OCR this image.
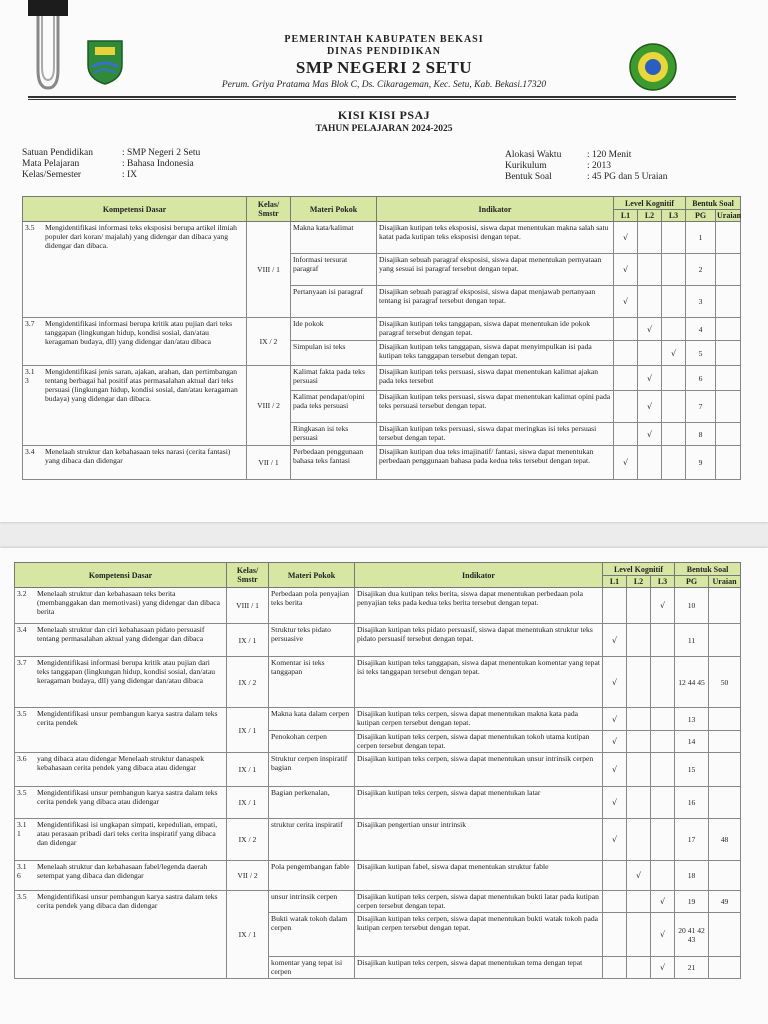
PEMERINTAH KABUPATEN BEKASI
DINAS PENDIDIKAN
SMP NEGERI 2 SETU
Perum. Griya Pratama Mas Blok C, Ds. Cikarageman, Kec. Setu, Kab. Bekasi.17320
KISI KISI PSAJ
TAHUN PELAJARAN 2024-2025
Satuan Pendidikan	: SMP Negeri 2 Setu
Mata Pelajaran	: Bahasa Indonesia
Kelas/Semester	: IX
Alokasi Waktu	: 120 Menit
Kurikulum	: 2013
Bentuk Soal	: 45 PG dan 5 Uraian
Kompetensi Dasar	Kelas/ Smstr	Materi Pokok	Indikator	Level Kognitif			Bentuk Soal	
				L1	L2	L3	PG	Uraian

3.5 Mengidentifikasi informasi teks eksposisi berupa artikel ilmiah populer dari koran/ majalah) yang didengar dan dibaca yang didengar dan dibaca.	VIII / 1	Makna kata/kalimat	Disajikan kutipan teks eksposisi, siswa dapat menentukan makna salah satu katat pada kutipan teks eksposisi dengan tepat.	√			1	
		Informasi tersurat paragraf	Disajikan sebuah paragraf eksposisi, siswa dapat menentukan pernyataan yang sesuai isi paragraf tersebut dengan tepat.	√			2	
		Pertanyaan isi paragraf	Disajikan sebuah paragraf eksposisi, siswa dapat menjawab pertanyaan tentang isi paragraf tersebut dengan tepat.	√			3	

3.7 Mengidentifikasi informasi berupa kritik atau pujian dari teks tanggapan (lingkungan hidup, kondisi sosial, dan/atau keragaman budaya, dll) yang didengar dan/atau dibaca	IX / 2	Ide pokok	Disajikan kutipan teks tanggapan, siswa dapat menentukan ide pokok paragraf tersebut dengan tepat.		√		4	
		Simpulan isi teks	Disajikan kutipan teks tanggapan, siswa dapat menyimpulkan isi pada kutipan teks tanggapan tersebut dengan tepat.			√	5	

3.1 3
Mengidentifikasi jenis saran, ajakan, arahan, dan pertimbangan tentang berbagai hal positif atas permasalahan aktual dari teks persuasi (lingkungan hidup, kondisi sosial, dan/atau keragaman budaya) yang didengar dan dibaca.	VIII / 2	Kalimat fakta pada teks persuasi	Disajikan kutipan teks persuasi, siswa dapat menentukan kalimat ajakan pada teks tersebut		√		6	
		Kalimat pendapat/opini pada teks persuasi	Disajikan kutipan teks persuasi, siswa dapat menentukan kalimat opini pada teks persuasi tersebut dengan tepat.		√		7	
		Ringkasan isi teks persuasi	Disajikan kutipan teks persuasi, siswa dapat meringkas isi teks persuasi tersebut dengan tepat.		√		8	

3.4 Menelaah struktur dan kebahasaan teks narasi (cerita fantasi) yang dibaca dan didengar	VII / 1	Perbedaan penggunaan bahasa teks fantasi	Disajikan kutipan dua teks imajinatif/ fantasi, siswa dapat menentukan perbedaan penggunaan bahasa pada kedua teks tersebut dengan tepat.	√			9	
Kompetensi Dasar	Kelas/ Smstr	Materi Pokok	Indikator	Level Kognitif			Bentuk Soal	
				L1	L2	L3	PG	Uraian

3.2 Menelaah struktur dan kebahasaan teks berita (membanggakan dan memotivasi) yang didengar dan dibaca berita	VIII / 1	Perbedaan pola penyajian teks berita	Disajikan dua kutipan teks berita, siswa dapat menentukan perbedaan pola penyajian teks pada kedua teks berita tersebut dengan tepat.			√	10	

3.4 Menelaah struktur dan ciri kebahasaan pidato persuasif tentang permasalahan aktual yang didengar dan dibaca	IX / 1	Struktur teks pidato persuasive	Disajikan kutipan teks pidato persuasif, siswa dapat menentukan struktur teks pidato persuasif tersebut dengan tepat.	√			11	

3.7 Mengidentifikasi informasi berupa kritik atau pujian dari teks tanggapan (lingkungan hidup, kondisi sosial, dan/atau keragaman budaya, dll) yang didengar dan/atau dibaca	IX / 2	Komentar isi teks tanggapan	Disajikan kutipan teks tanggapan, siswa dapat menentukan komentar yang tepat isi teks tanggapan tersebut dengan tepat.	√			12 44 45	50

3.5 Mengidentifikasi unsur pembangun karya sastra dalam teks cerita pendek	IX / 1	Makna kata dalam cerpen	Disajikan kutipan teks cerpen, siswa dapat menentukan makna kata pada kutipan cerpen tersebut dengan tepat.	√			13	
		Penokohan cerpen	Disajikan kutipan teks cerpen, siswa dapat menentukan tokoh utama kutipan cerpen tersebut dengan tepat.	√			14	

3.6 yang dibaca atau didengar Menelaah struktur danaspek kebahasaan cerita pendek yang dibaca atau didengar	IX / 1	Struktur cerpen inspiratif bagian	Disajikan kutipan teks cerpen, siswa dapat menentukan unsur intrinsik cerpen	√			15	

3.5 Mengidentifikasi unsur pembangun karya sastra dalam teks cerita pendek yang dibaca atau didengar	IX / 1	Bagian perkenalan,	Disajikan kutipan teks cerpen, siswa dapat menentukan latar	√			16	

3.1 1
Mengidentifikasi isi ungkapan simpati, kepedulian, empati, atau perasaan pribadi dari teks cerita inspiratif yang dibaca dan didengar	IX / 2	struktur cerita inspiratif	Disajikan pengertian unsur intrinsik	√			17	48

3.1 6
Menelaah struktur dan kebahasaan fabel/legenda daerah setempat yang dibaca dan didengar	VII / 2	Pola pengembangan fable	Disajikan kutipan fabel, siswa dapat menentukan struktur fable		√		18	

3.5 Mengidentifikasi unsur pembangun karya sastra dalam teks cerita pendek yang dibaca dan didengar	IX / 1	unsur intrinsik cerpen	Disajikan kutipan teks cerpen, siswa dapat menentukan bukti latar pada kutipan cerpen tersebut dengan tepat.			√	19	49
		Bukti watak tokoh dalam cerpen	Disajikan kutipan teks cerpen, siswa dapat menentukan bukti watak tokoh pada kutipan cerpen tersebut dengan tepat.			√	20 41 42 43	
		komentar yang tepat isi cerpen	Disajikan kutipan teks cerpen, siswa dapat menentukan tema dengan tepat			√	21	
